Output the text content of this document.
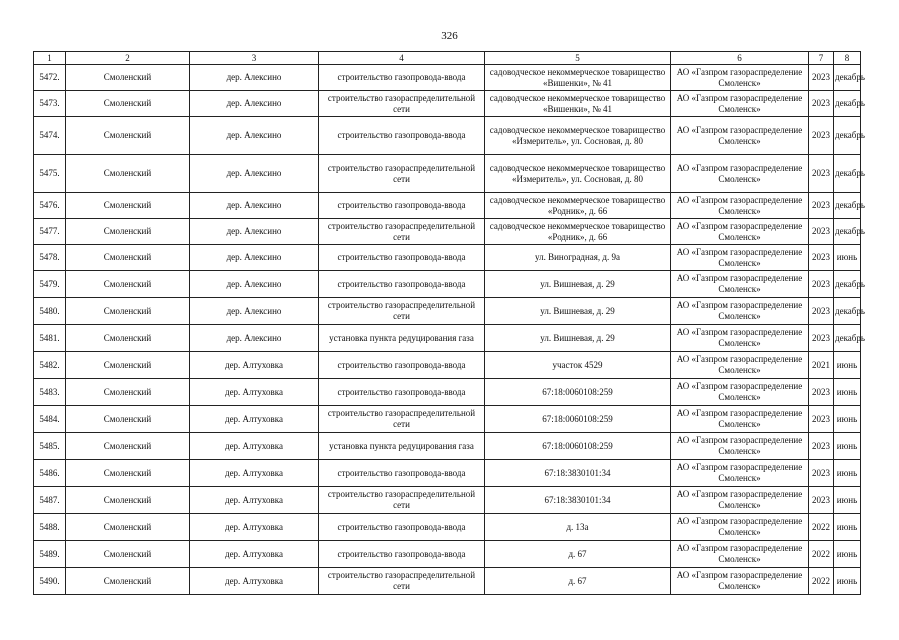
326
1	2	3	4	5	6	7	8
5472.	Смоленский	дер. Алексино	строительство газопровода-ввода	садоводческое некоммерческое товарищество «Вишенки», № 41	АО «Газпром газораспределение Смоленск»	2023	декабрь
5473.	Смоленский	дер. Алексино	строительство газораспределительной сети	садоводческое некоммерческое товарищество «Вишенки», № 41	АО «Газпром газораспределение Смоленск»	2023	декабрь
5474.	Смоленский	дер. Алексино	строительство газопровода-ввода	садоводческое некоммерческое товарищество «Измеритель», ул. Сосновая, д. 80	АО «Газпром газораспределение Смоленск»	2023	декабрь
5475.	Смоленский	дер. Алексино	строительство газораспределительной сети	садоводческое некоммерческое товарищество «Измеритель», ул. Сосновая, д. 80	АО «Газпром газораспределение Смоленск»	2023	декабрь
5476.	Смоленский	дер. Алексино	строительство газопровода-ввода	садоводческое некоммерческое товарищество «Родник», д. 66	АО «Газпром газораспределение Смоленск»	2023	декабрь
5477.	Смоленский	дер. Алексино	строительство газораспределительной сети	садоводческое некоммерческое товарищество «Родник», д. 66	АО «Газпром газораспределение Смоленск»	2023	декабрь
5478.	Смоленский	дер. Алексино	строительство газопровода-ввода	ул. Виноградная, д. 9а	АО «Газпром газораспределение Смоленск»	2023	июнь
5479.	Смоленский	дер. Алексино	строительство газопровода-ввода	ул. Вишневая, д. 29	АО «Газпром газораспределение Смоленск»	2023	декабрь
5480.	Смоленский	дер. Алексино	строительство газораспределительной сети	ул. Вишневая, д. 29	АО «Газпром газораспределение Смоленск»	2023	декабрь
5481.	Смоленский	дер. Алексино	установка пункта редуцирования газа	ул. Вишневая, д. 29	АО «Газпром газораспределение Смоленск»	2023	декабрь
5482.	Смоленский	дер. Алтуховка	строительство газопровода-ввода	участок 4529	АО «Газпром газораспределение Смоленск»	2021	июнь
5483.	Смоленский	дер. Алтуховка	строительство газопровода-ввода	67:18:0060108:259	АО «Газпром газораспределение Смоленск»	2023	июнь
5484.	Смоленский	дер. Алтуховка	строительство газораспределительной сети	67:18:0060108:259	АО «Газпром газораспределение Смоленск»	2023	июнь
5485.	Смоленский	дер. Алтуховка	установка пункта редуцирования газа	67:18:0060108:259	АО «Газпром газораспределение Смоленск»	2023	июнь
5486.	Смоленский	дер. Алтуховка	строительство газопровода-ввода	67:18:3830101:34	АО «Газпром газораспределение Смоленск»	2023	июнь
5487.	Смоленский	дер. Алтуховка	строительство газораспределительной сети	67:18:3830101:34	АО «Газпром газораспределение Смоленск»	2023	июнь
5488.	Смоленский	дер. Алтуховка	строительство газопровода-ввода	д. 13а	АО «Газпром газораспределение Смоленск»	2022	июнь
5489.	Смоленский	дер. Алтуховка	строительство газопровода-ввода	д. 67	АО «Газпром газораспределение Смоленск»	2022	июнь
5490.	Смоленский	дер. Алтуховка	строительство газораспределительной сети	д. 67	АО «Газпром газораспределение Смоленск»	2022	июнь
